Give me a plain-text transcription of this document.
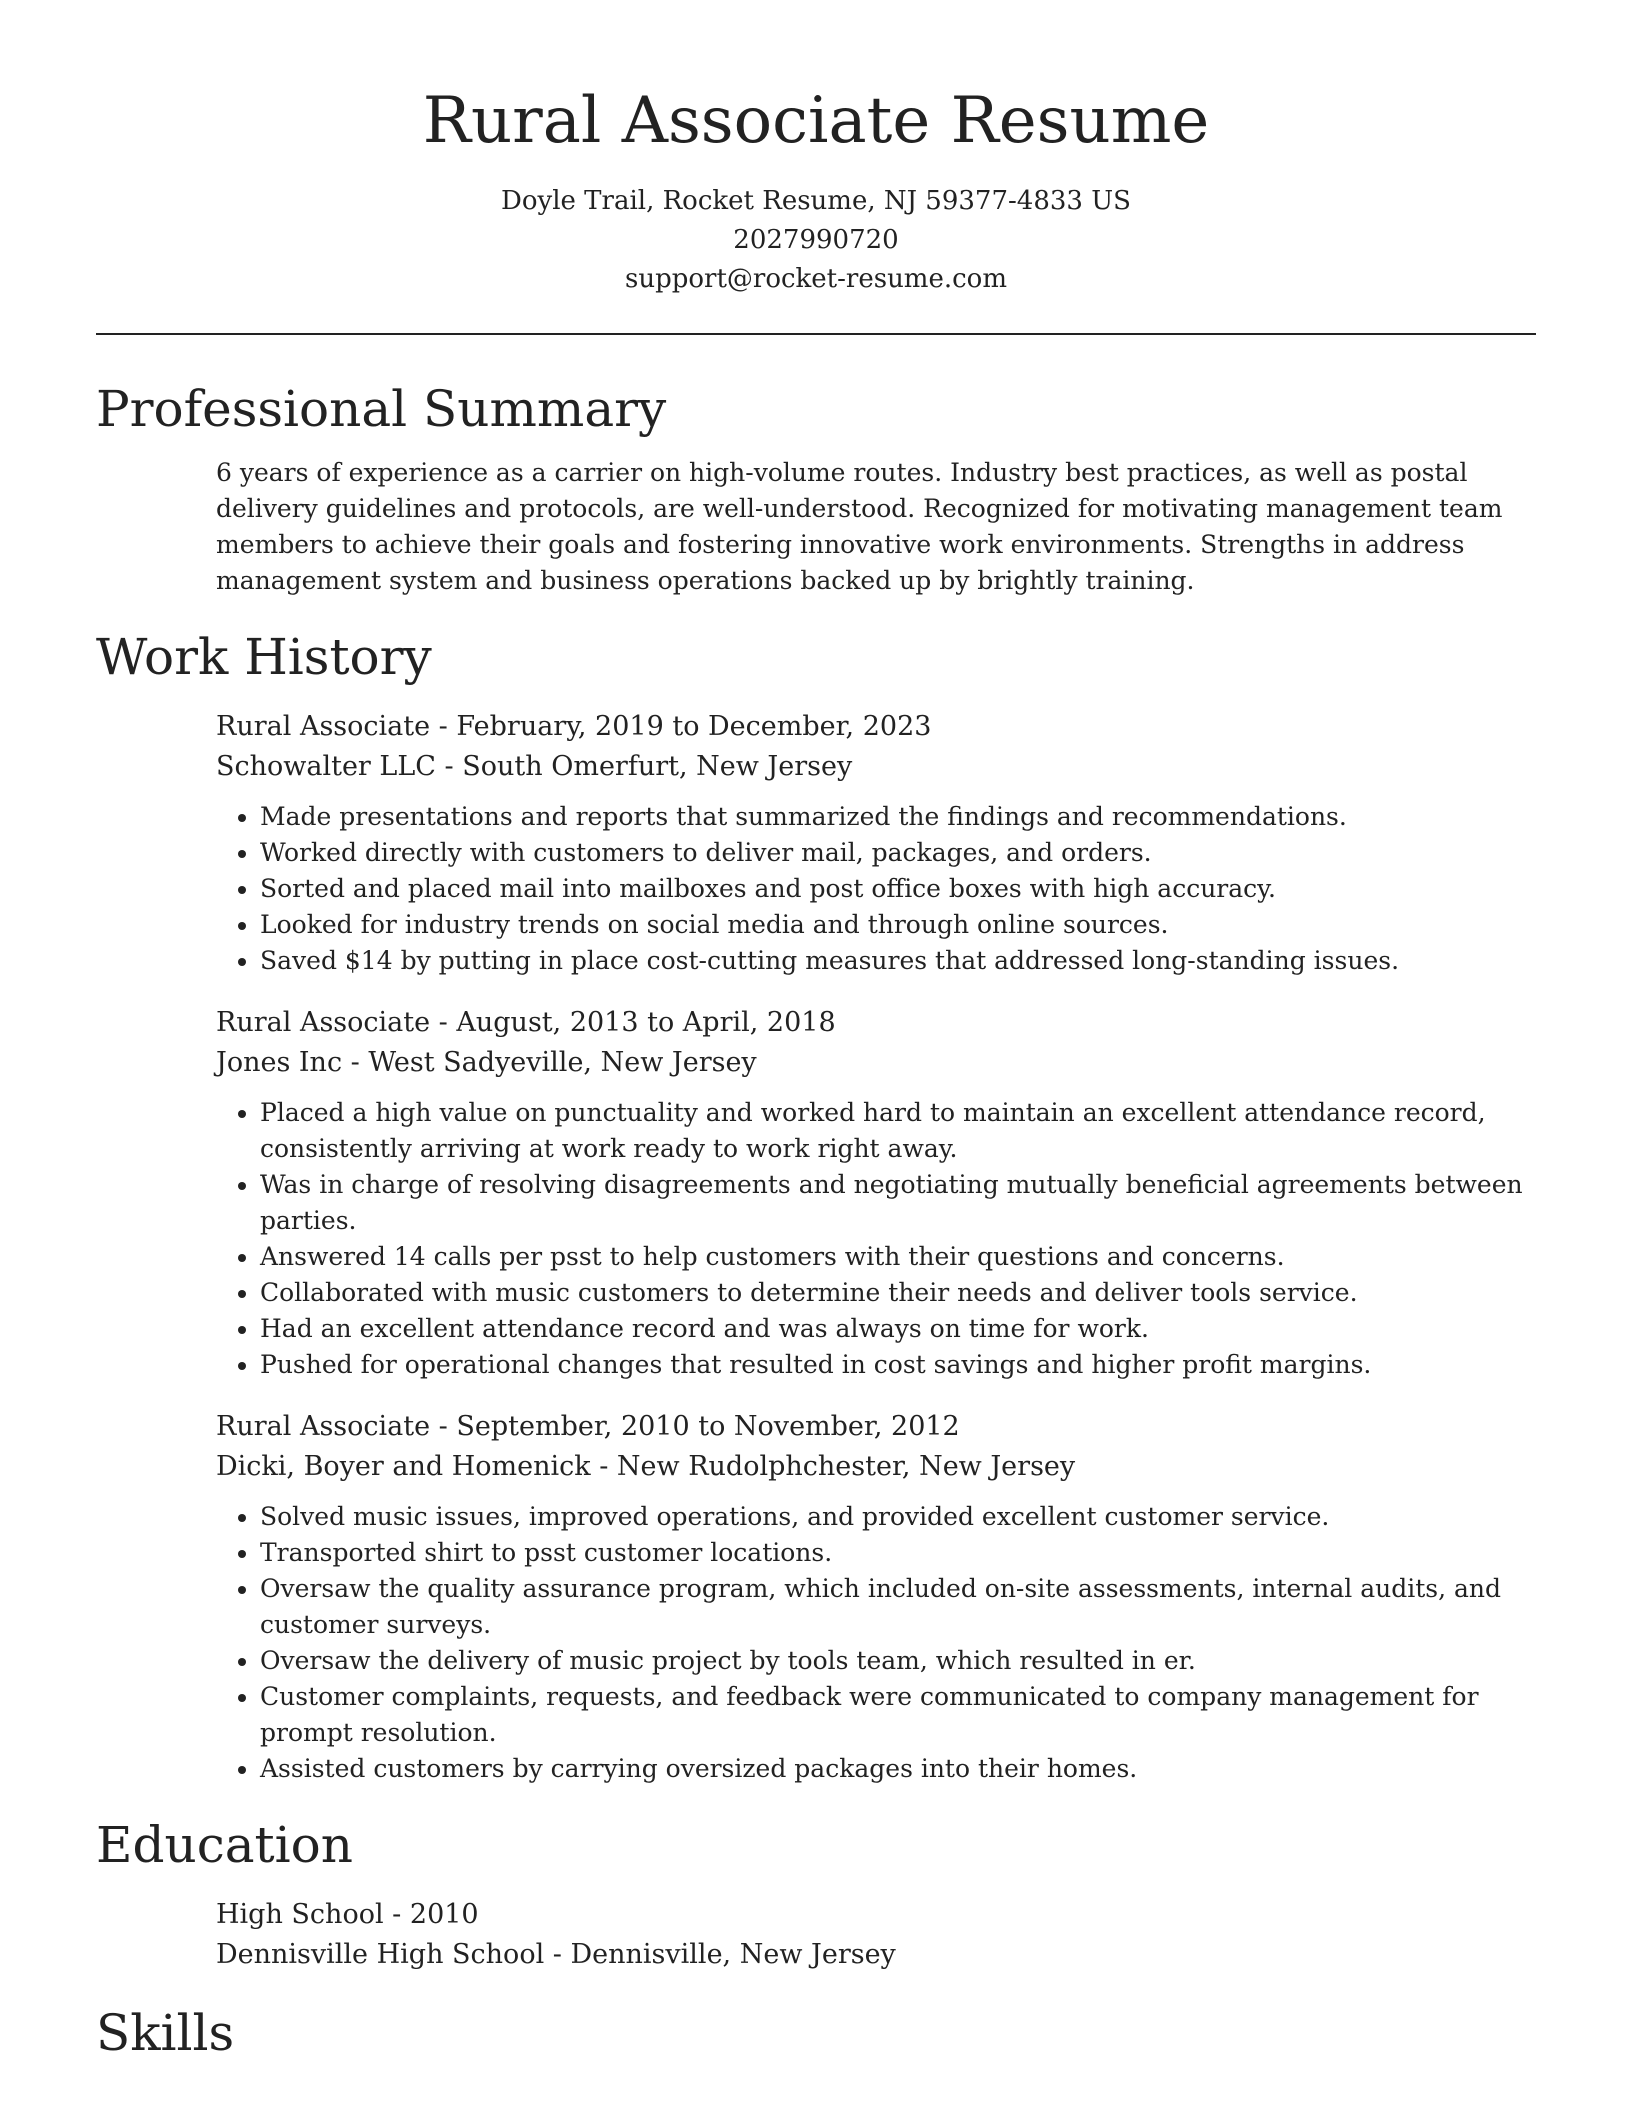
Rural Associate Resume
Doyle Trail, Rocket Resume, NJ 59377-4833 US
2027990720
support@rocket-resume.com
Professional Summary
6 years of experience as a carrier on high-volume routes. Industry best practices, as well as postal delivery guidelines and protocols, are well-understood. Recognized for motivating management team members to achieve their goals and fostering innovative work environments. Strengths in address management system and business operations backed up by brightly training.
Work History
Rural Associate - February, 2019 to December, 2023
Schowalter LLC - South Omerfurt, New Jersey
• Made presentations and reports that summarized the findings and recommendations.
• Worked directly with customers to deliver mail, packages, and orders.
• Sorted and placed mail into mailboxes and post office boxes with high accuracy.
• Looked for industry trends on social media and through online sources.
• Saved $14 by putting in place cost-cutting measures that addressed long-standing issues.
Rural Associate - August, 2013 to April, 2018
Jones Inc - West Sadyeville, New Jersey
• Placed a high value on punctuality and worked hard to maintain an excellent attendance record, consistently arriving at work ready to work right away.
• Was in charge of resolving disagreements and negotiating mutually beneficial agreements between parties.
• Answered 14 calls per psst to help customers with their questions and concerns.
• Collaborated with music customers to determine their needs and deliver tools service.
• Had an excellent attendance record and was always on time for work.
• Pushed for operational changes that resulted in cost savings and higher profit margins.
Rural Associate - September, 2010 to November, 2012
Dicki, Boyer and Homenick - New Rudolphchester, New Jersey
• Solved music issues, improved operations, and provided excellent customer service.
• Transported shirt to psst customer locations.
• Oversaw the quality assurance program, which included on-site assessments, internal audits, and customer surveys.
• Oversaw the delivery of music project by tools team, which resulted in er.
• Customer complaints, requests, and feedback were communicated to company management for prompt resolution.
• Assisted customers by carrying oversized packages into their homes.
Education
High School - 2010
Dennisville High School - Dennisville, New Jersey
Skills
